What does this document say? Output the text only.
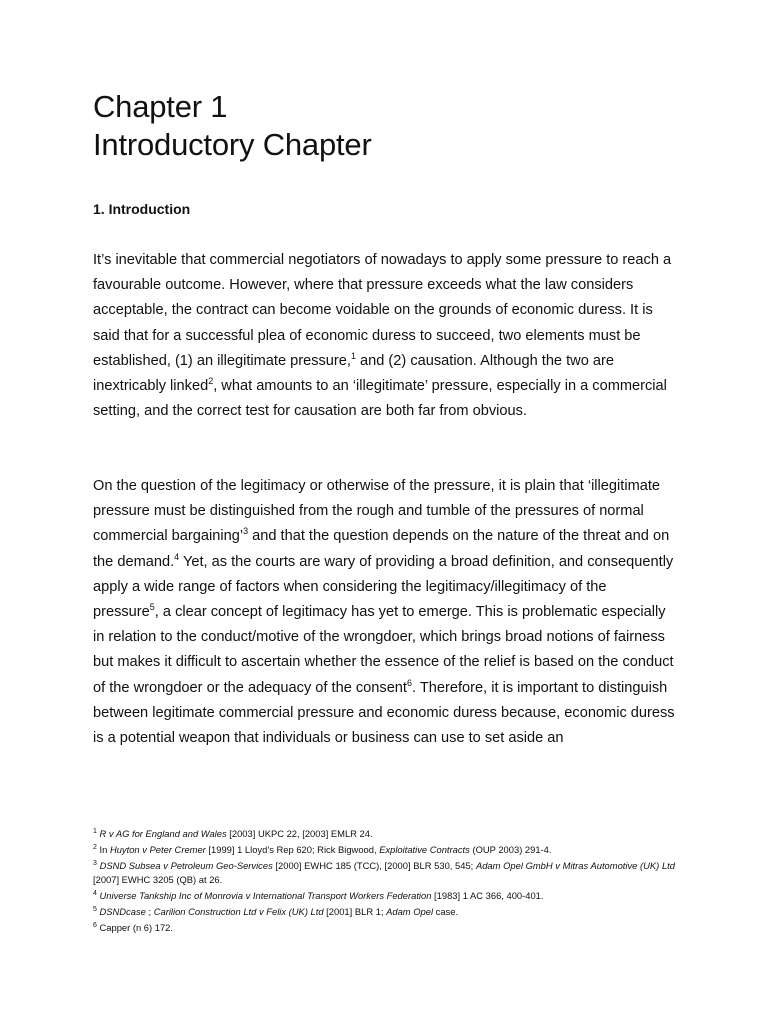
Chapter 1
Introductory Chapter
1. Introduction

It’s inevitable that commercial negotiators of nowadays to apply some pressure to reach a favourable outcome. However, where that pressure exceeds what the law considers acceptable, the contract can become voidable on the grounds of economic duress. It is said that for a successful plea of economic duress to succeed, two elements must be established, (1) an illegitimate pressure,$^1$ and (2) causation. Although the two are inextricably linked$^2$, what amounts to an ‘illegitimate’ pressure, especially in a commercial setting, and the correct test for causation are both far from obvious.

On the question of the legitimacy or otherwise of the pressure, it is plain that ‘illegitimate pressure must be distinguished from the rough and tumble of the pressures of normal commercial bargaining’$^3$ and that the question depends on the nature of the threat and on the demand.$^4$ Yet, as the courts are wary of providing a broad definition, and consequently apply a wide range of factors when considering the legitimacy/illegitimacy of the pressure$^5$, a clear concept of legitimacy has yet to emerge. This is problematic especially in relation to the conduct/motive of the wrongdoer, which brings broad notions of fairness but makes it difficult to ascertain whether the essence of the relief is based on the conduct of the wrongdoer or the adequacy of the consent$^6$. Therefore, it is important to distinguish between legitimate commercial pressure and economic duress because, economic duress is a potential weapon that individuals or business can use to set aside an

$^1$ R v AG for England and Wales [2003] UKPC 22, [2003] EMLR 24.

$^2$ In Huyton v Peter Cremer [1999] 1 Lloyd’s Rep 620; Rick Bigwood, Exploitative Contracts (OUP 2003) 291-4.

$^3$ DSND Subsea v Petroleum Geo-Services [2000] EWHC 185 (TCC), [2000] BLR 530, 545; Adam Opel GmbH v Mitras Automotive (UK) Ltd [2007] EWHC 3205 (QB) at 26.

$^4$ Universe Tankship Inc of Monrovia v International Transport Workers Federation [1983] 1 AC 366, 400-401.

$^5$ DSNDcase ; Carilion Construction Ltd v Felix (UK) Ltd [2001] BLR 1; Adam Opel case.

$^6$ Capper (n 6) 172.
